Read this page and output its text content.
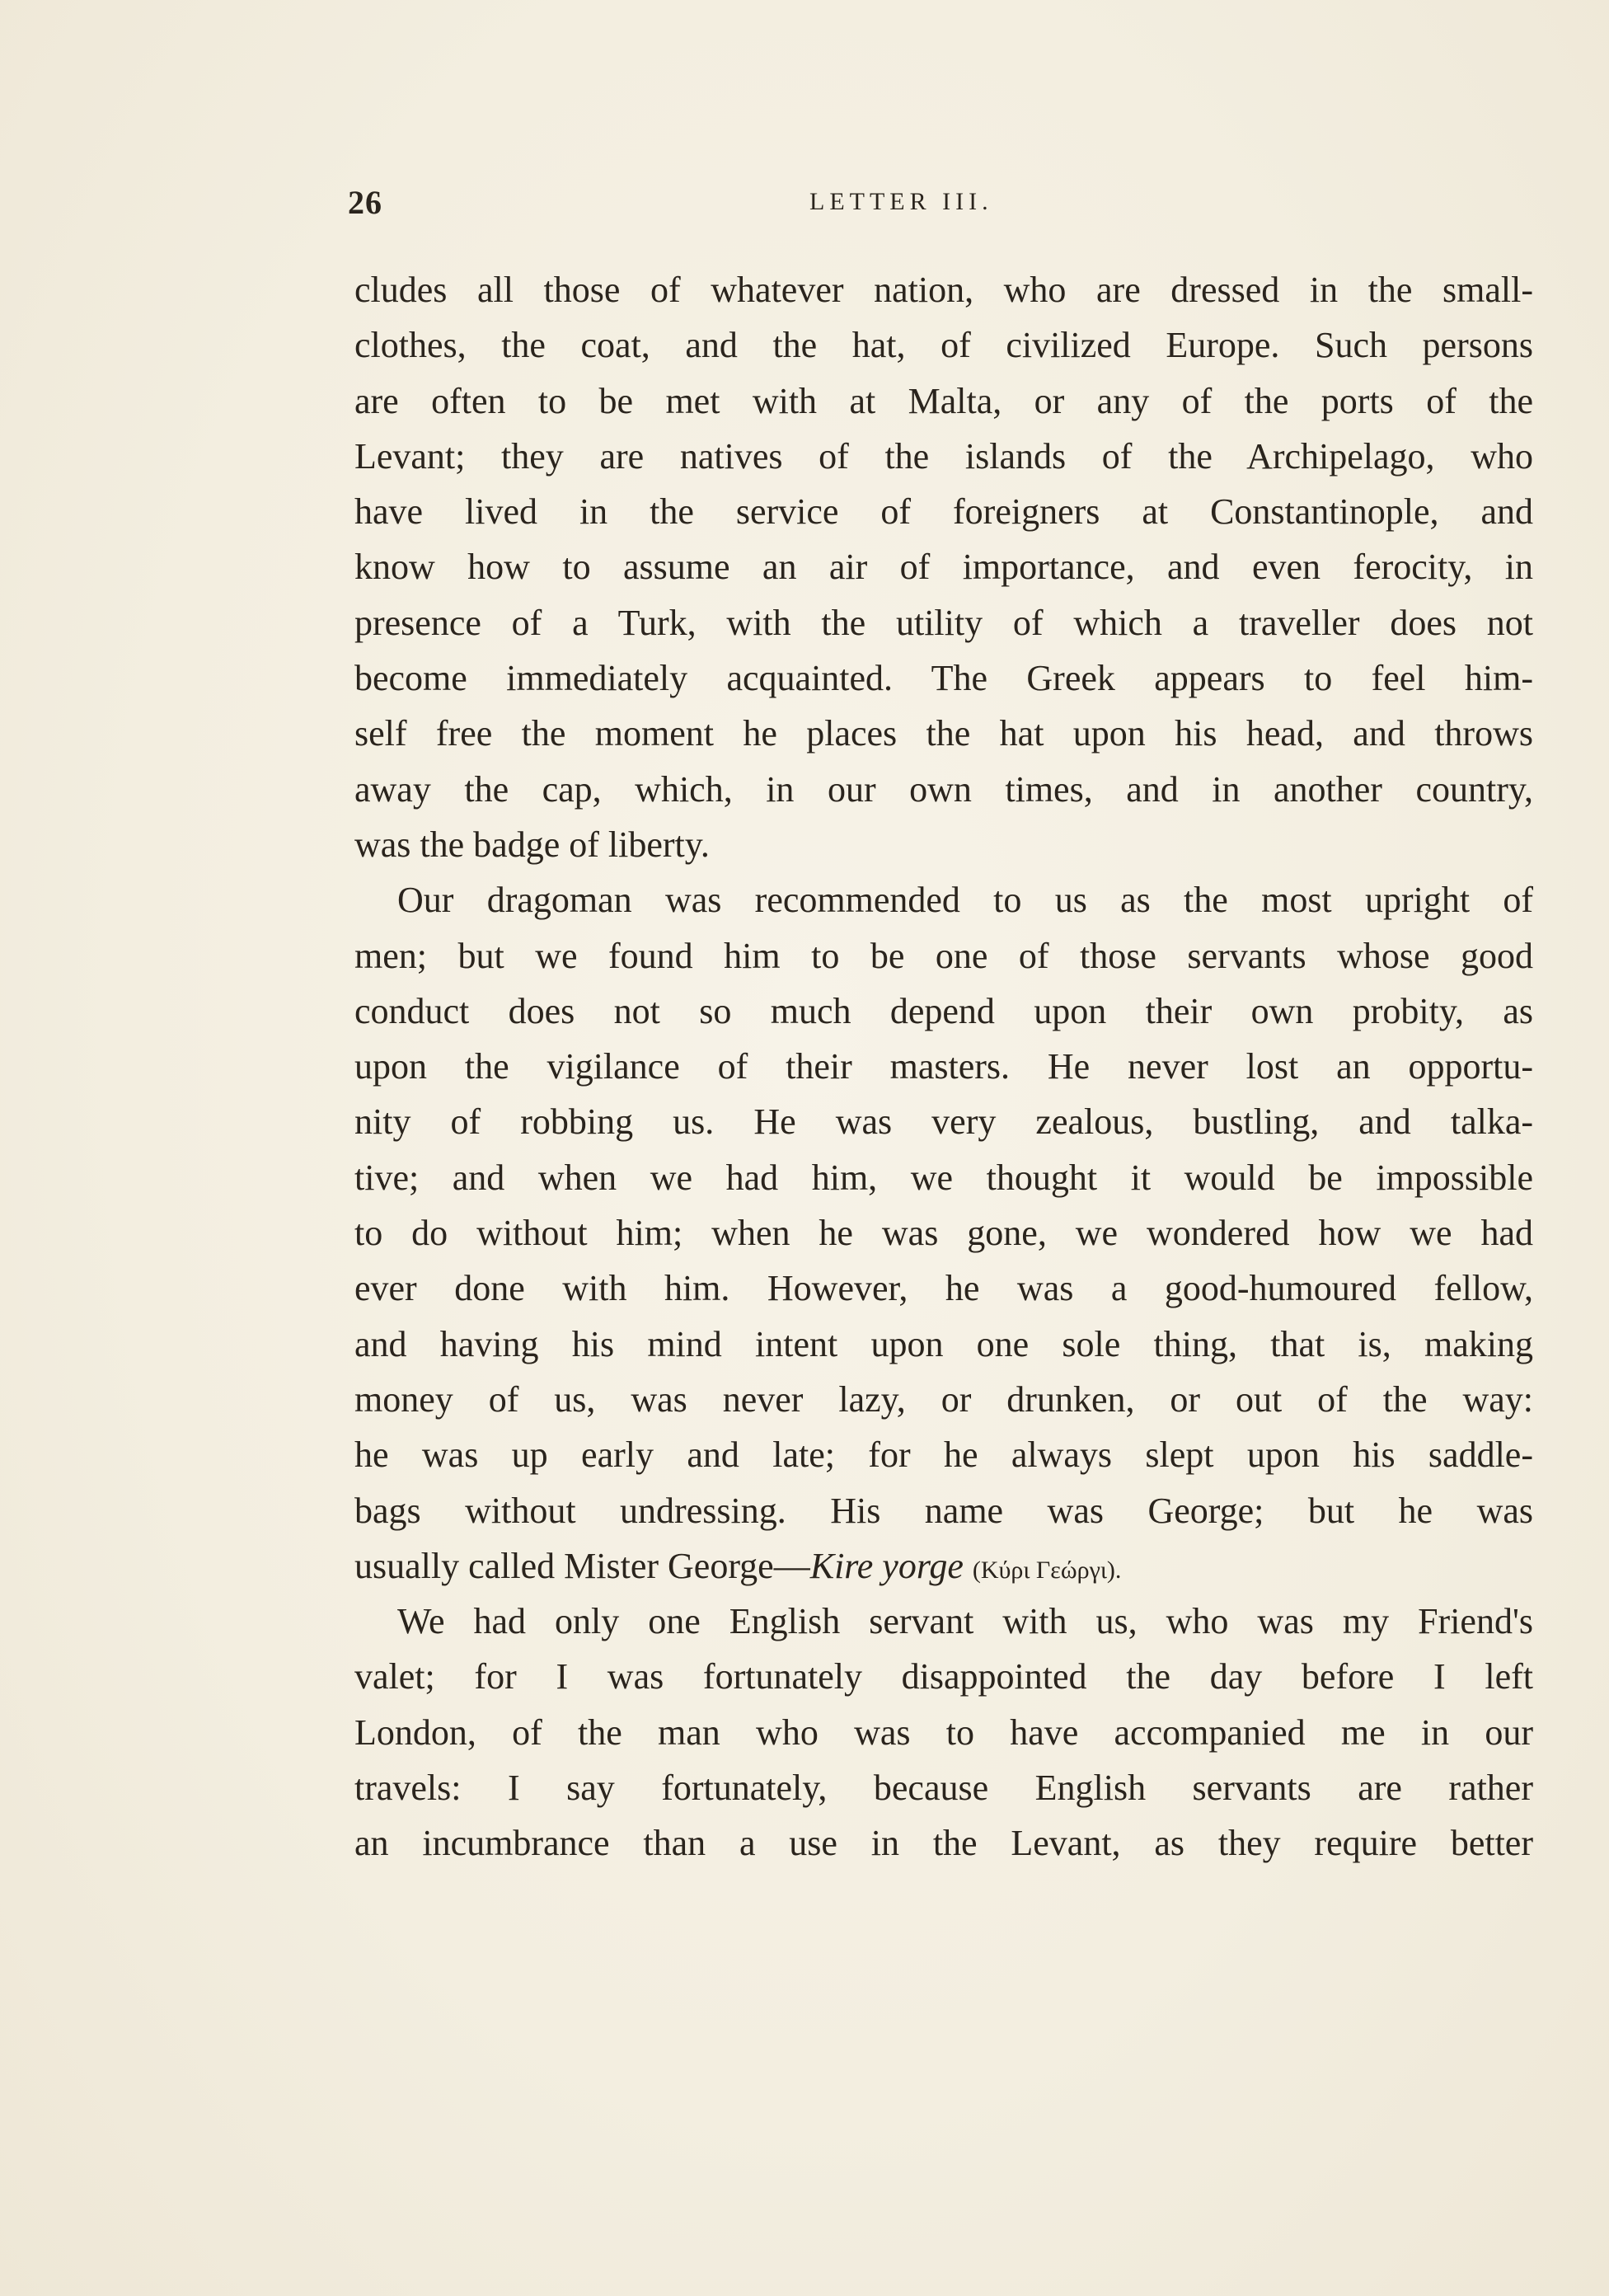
26	LETTER III.
cludes all those of whatever nation, who are dressed in the small-
clothes, the coat, and the hat, of civilized Europe. Such persons
are often to be met with at Malta, or any of the ports of the
Levant; they are natives of the islands of the Archipelago, who
have lived in the service of foreigners at Constantinople, and
know how to assume an air of importance, and even ferocity, in
presence of a Turk, with the utility of which a traveller does not
become immediately acquainted. The Greek appears to feel him-
self free the moment he places the hat upon his head, and throws
away the cap, which, in our own times, and in another country,
was the badge of liberty.
Our dragoman was recommended to us as the most upright of
men; but we found him to be one of those servants whose good
conduct does not so much depend upon their own probity, as
upon the vigilance of their masters. He never lost an opportu-
nity of robbing us. He was very zealous, bustling, and talka-
tive; and when we had him, we thought it would be impossible
to do without him; when he was gone, we wondered how we had
ever done with him. However, he was a good-humoured fellow,
and having his mind intent upon one sole thing, that is, making
money of us, was never lazy, or drunken, or out of the way:
he was up early and late; for he always slept upon his saddle-
bags without undressing. His name was George; but he was
usually called Mister George—Kire yorge (Κύρι Γεώργι).
We had only one English servant with us, who was my Friend's
valet; for I was fortunately disappointed the day before I left
London, of the man who was to have accompanied me in our
travels: I say fortunately, because English servants are rather
an incumbrance than a use in the Levant, as they require better
